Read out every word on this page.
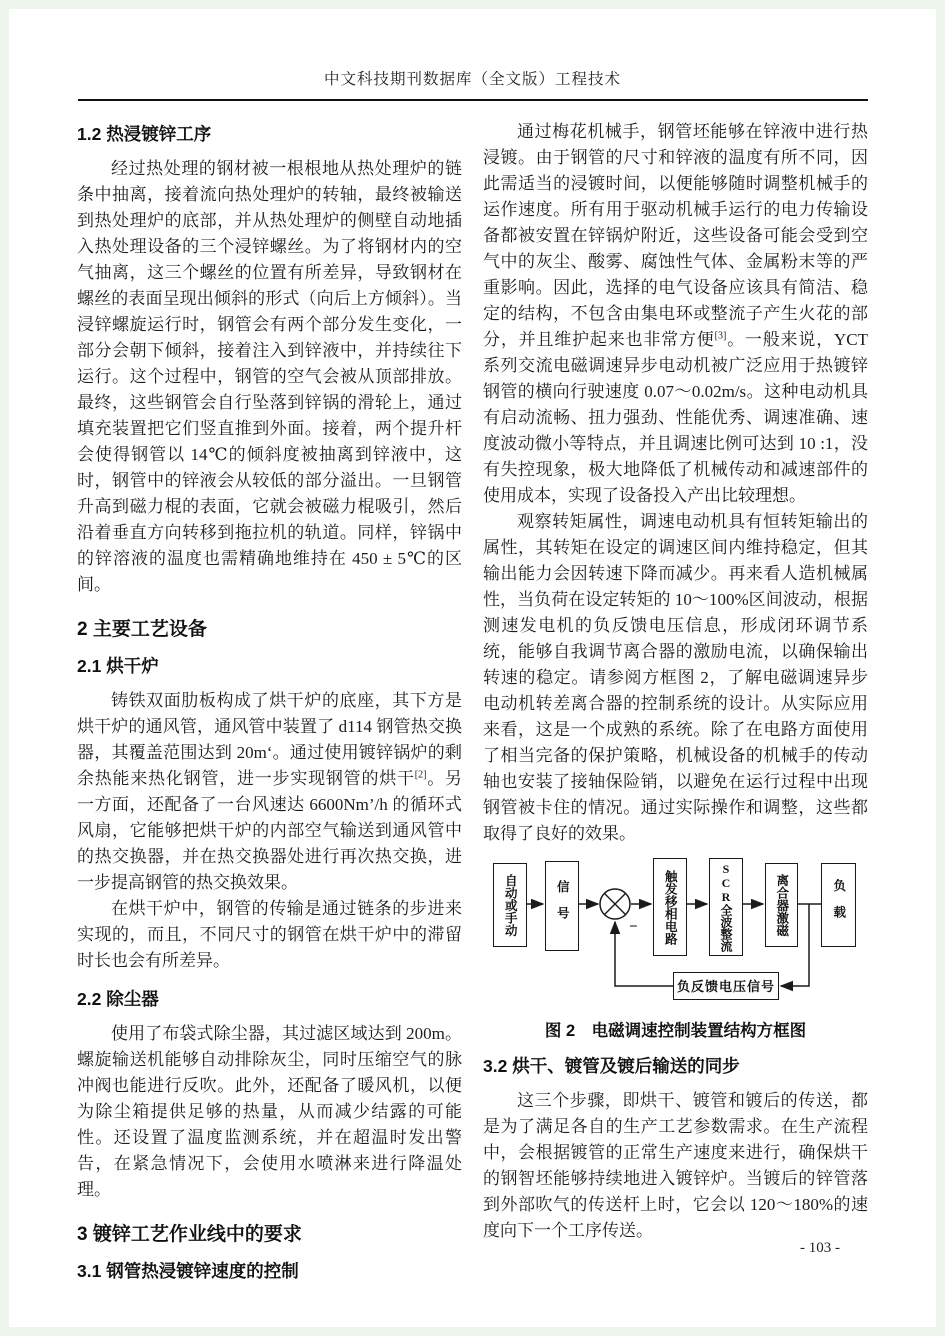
中文科技期刊数据库（全文版）工程技术
1.2 热浸镀锌工序

经过热处理的钢材被一根根地从热处理炉的链条中抽离，接着流向热处理炉的转轴，最终被输送到热处理炉的底部，并从热处理炉的侧壁自动地插入热处理设备的三个浸锌螺丝。为了将钢材内的空气抽离，这三个螺丝的位置有所差异，导致钢材在螺丝的表面呈现出倾斜的形式（向后上方倾斜）。当浸锌螺旋运行时，钢管会有两个部分发生变化，一部分会朝下倾斜，接着注入到锌液中，并持续往下运行。这个过程中，钢管的空气会被从顶部排放。最终，这些钢管会自行坠落到锌锅的滑轮上，通过填充装置把它们竖直推到外面。接着，两个提升杆会使得钢管以 14℃的倾斜度被抽离到锌液中，这时，钢管中的锌液会从较低的部分溢出。一旦钢管升高到磁力棍的表面，它就会被磁力棍吸引，然后沿着垂直方向转移到拖拉机的轨道。同样，锌锅中的锌溶液的温度也需精确地维持在 450 ± 5℃的区间。

2 主要工艺设备
2.1 烘干炉

铸铁双面肋板构成了烘干炉的底座，其下方是烘干炉的通风管，通风管中装置了 d114 钢管热交换器，其覆盖范围达到 20m‘。通过使用镀锌锅炉的剩余热能来热化钢管，进一步实现钢管的烘干[2]。另一方面，还配备了一台风速达 6600Nm’/h 的循环式风扇，它能够把烘干炉的内部空气输送到通风管中的热交换器，并在热交换器处进行再次热交换，进一步提高钢管的热交换效果。

在烘干炉中，钢管的传输是通过链条的步进来实现的，而且，不同尺寸的钢管在烘干炉中的滞留时长也会有所差异。

2.2 除尘器

使用了布袋式除尘器，其过滤区域达到 200m。螺旋输送机能够自动排除灰尘，同时压缩空气的脉冲阀也能进行反吹。此外，还配备了暖风机，以便为除尘箱提供足够的热量，从而减少结露的可能性。还设置了温度监测系统，并在超温时发出警告，在紧急情况下，会使用水喷淋来进行降温处理。

3 镀锌工艺作业线中的要求
3.1 钢管热浸镀锌速度的控制

通过梅花机械手，钢管坯能够在锌液中进行热浸镀。由于钢管的尺寸和锌液的温度有所不同，因此需适当的浸镀时间，以便能够随时调整机械手的运作速度。所有用于驱动机械手运行的电力传输设备都被安置在锌锅炉附近，这些设备可能会受到空气中的灰尘、酸雾、腐蚀性气体、金属粉末等的严重影响。因此，选择的电气设备应该具有简洁、稳定的结构，不包含由集电环或整流子产生火花的部分，并且维护起来也非常方便[3]。一般来说，YCT 系列交流电磁调速异步电动机被广泛应用于热镀锌钢管的横向行驶速度 0.07～0.02m/s。这种电动机具有启动流畅、扭力强劲、性能优秀、调速准确、速度波动微小等特点，并且调速比例可达到 10 :1，没有失控现象，极大地降低了机械传动和减速部件的使用成本，实现了设备投入产出比较理想。

观察转矩属性，调速电动机具有恒转矩输出的属性，其转矩在设定的调速区间内维持稳定，但其输出能力会因转速下降而减少。再来看人造机械属性，当负荷在设定转矩的 10～100%区间波动，根据测速发电机的负反馈电压信息，形成闭环调节系统，能够自我调节离合器的激励电流，以确保输出转速的稳定。请参阅方框图 2，了解电磁调速异步电动机转差离合器的控制系统的设计。从实际应用来看，这是一个成熟的系统。除了在电路方面使用了相当完备的保护策略，机械设备的机械手的传动轴也安装了接轴保险销，以避免在运行过程中出现钢管被卡住的情况。通过实际操作和调整，这些都取得了良好的效果。

−
自动或手动	信号	触发移相电路	SCR全波整流	离合器激磁	负载
负反馈电压信号
图 2　电磁调速控制装置结构方框图
3.2 烘干、镀管及镀后输送的同步

这三个步骤，即烘干、镀管和镀后的传送，都是为了满足各自的生产工艺参数需求。在生产流程中，会根据镀管的正常生产速度来进行，确保烘干的钢智坯能够持续地进入镀锌炉。当镀后的锌管落到外部吹气的传送杆上时，它会以 120～180%的速度向下一个工序传送。

- 103 -
